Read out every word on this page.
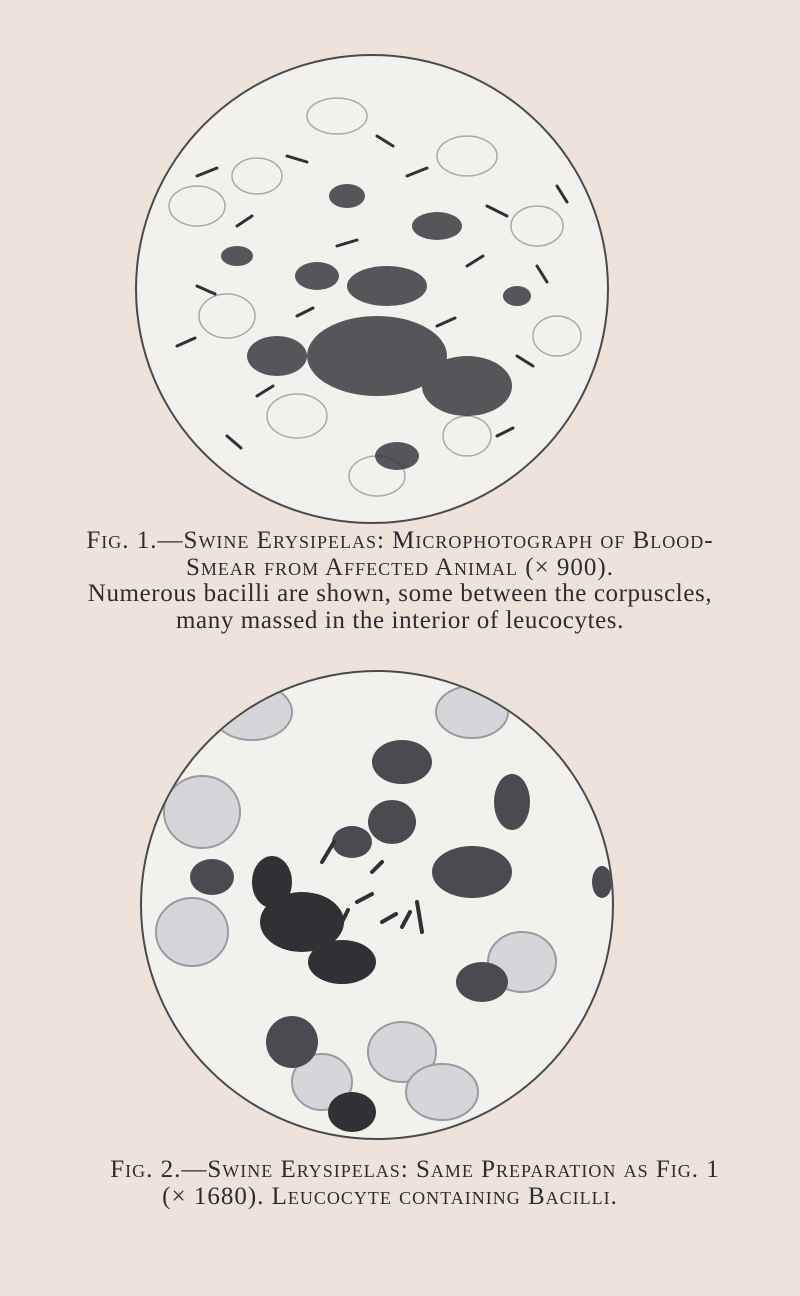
Fig. 1.—Swine Erysipelas: Microphotograph of Blood-
Smear from Affected Animal (× 900).
Numerous bacilli are shown, some between the corpuscles,
many massed in the interior of leucocytes.
Fig. 2.—Swine Erysipelas: Same Preparation as Fig. 1
(× 1680). Leucocyte containing Bacilli.
